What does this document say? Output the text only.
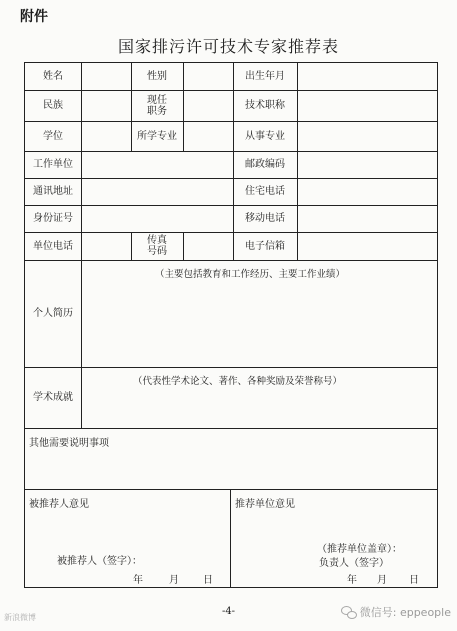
附件
国家排污许可技术专家推荐表
姓名	性别	出生年月
民族	现任职务	技术职称
学位	所学专业	从事专业
工作单位	邮政编码
通讯地址	住宅电话
身份证号	移动电话
单位电话	传真号码	电子信箱
个人简历
（主要包括教育和工作经历、主要工作业绩）
学术成就
（代表性学术论文、著作、各种奖励及荣誉称号）
其他需要说明事项
被推荐人意见
被推荐人（签字）：
年	月 日
推荐单位意见
（推荐单位盖章）：
负责人（签字）
年 月 日
-4-
新浪微博	微信号: eppeople
